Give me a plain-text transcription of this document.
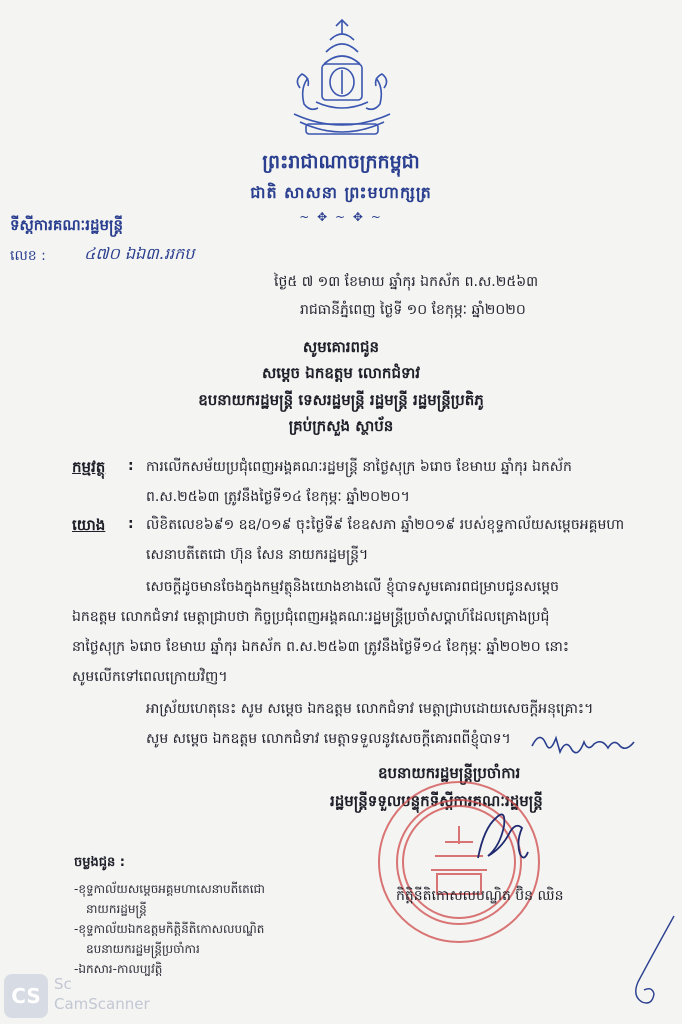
ព្រះរាជាណាចក្រកម្ពុជា
ជាតិ សាសនា ព្រះមហាក្សត្រ
~ ✥ ~ ✥ ~
ទីស្តីការគណៈរដ្ឋមន្ត្រី
លេខ : ៤៧០ ឯឯ៣.ររកប
ថ្ងៃ៥ ៧ ១៣ ខែមាឃ ឆ្នាំកុរ ឯកស័ក ព.ស.២៥៦៣
រាជធានីភ្នំពេញ ថ្ងៃទី ១០ ខែកុម្ភៈ ឆ្នាំ២០២០
សូមគោរពជូន
សម្តេច ឯកឧត្តម លោកជំទាវ
ឧបនាយករដ្ឋមន្ត្រី ទេសរដ្ឋមន្ត្រី រដ្ឋមន្ត្រី រដ្ឋមន្ត្រីប្រតិភូ
គ្រប់ក្រសួង ស្ថាប័ន
កម្មវត្ថុ : ការលើកសម័យប្រជុំពេញអង្គគណៈរដ្ឋមន្ត្រី នាថ្ងៃសុក្រ ៦រោច ខែមាឃ ឆ្នាំកុរ ឯកស័ក
ព.ស.២៥៦៣ ត្រូវនឹងថ្ងៃទី១៤ ខែកុម្ភៈ ឆ្នាំ២០២០។
យោង : លិខិតលេខ៦៩១ ឧឧ/០១៩ ចុះថ្ងៃទី៩ ខែឧសភា ឆ្នាំ២០១៩ របស់ខុទ្ទកាល័យសម្តេចអគ្គមហា
សេនាបតីតេជោ ហ៊ុន សែន នាយករដ្ឋមន្ត្រី។
សេចក្តីដូចមានចែងក្នុងកម្មវត្ថុនិងយោងខាងលើ ខ្ញុំបាទសូមគោរពជម្រាបជូនសម្តេច
ឯកឧត្តម លោកជំទាវ មេត្តាជ្រាបថា កិច្ចប្រជុំពេញអង្គគណៈរដ្ឋមន្ត្រីប្រចាំសប្តាហ៍ដែលគ្រោងប្រជុំ
នាថ្ងៃសុក្រ ៦រោច ខែមាឃ ឆ្នាំកុរ ឯកស័ក ព.ស.២៥៦៣ ត្រូវនឹងថ្ងៃទី១៤ ខែកុម្ភៈ ឆ្នាំ២០២០ នោះ
សូមលើកទៅពេលក្រោយវិញ។
អាស្រ័យហេតុនេះ សូម សម្តេច ឯកឧត្តម លោកជំទាវ មេត្តាជ្រាបដោយសេចក្តីអនុគ្រោះ។
សូម សម្តេច ឯកឧត្តម លោកជំទាវ មេត្តាទទួលនូវសេចក្តីគោរពពីខ្ញុំបាទ។
ឧបនាយករដ្ឋមន្ត្រីប្រចាំការ
រដ្ឋមន្ត្រីទទួលបន្ទុកទីស្តីការគណៈរដ្ឋមន្ត្រី
កិត្តិនីតិកោសលបណ្ឌិត ប៊ិន ឈិន
ចម្លងជូន :
-ខុទ្ទកាល័យសម្តេចអគ្គមហាសេនាបតីតេជោ
នាយករដ្ឋមន្ត្រី
-ខុទ្ទកាល័យឯកឧត្តមកិត្តិនីតិកោសលបណ្ឌិត
ឧបនាយករដ្ឋមន្ត្រីប្រចាំការ
-ឯកសារ-កាលប្បវត្តិ
CS Sc
CamScanner
